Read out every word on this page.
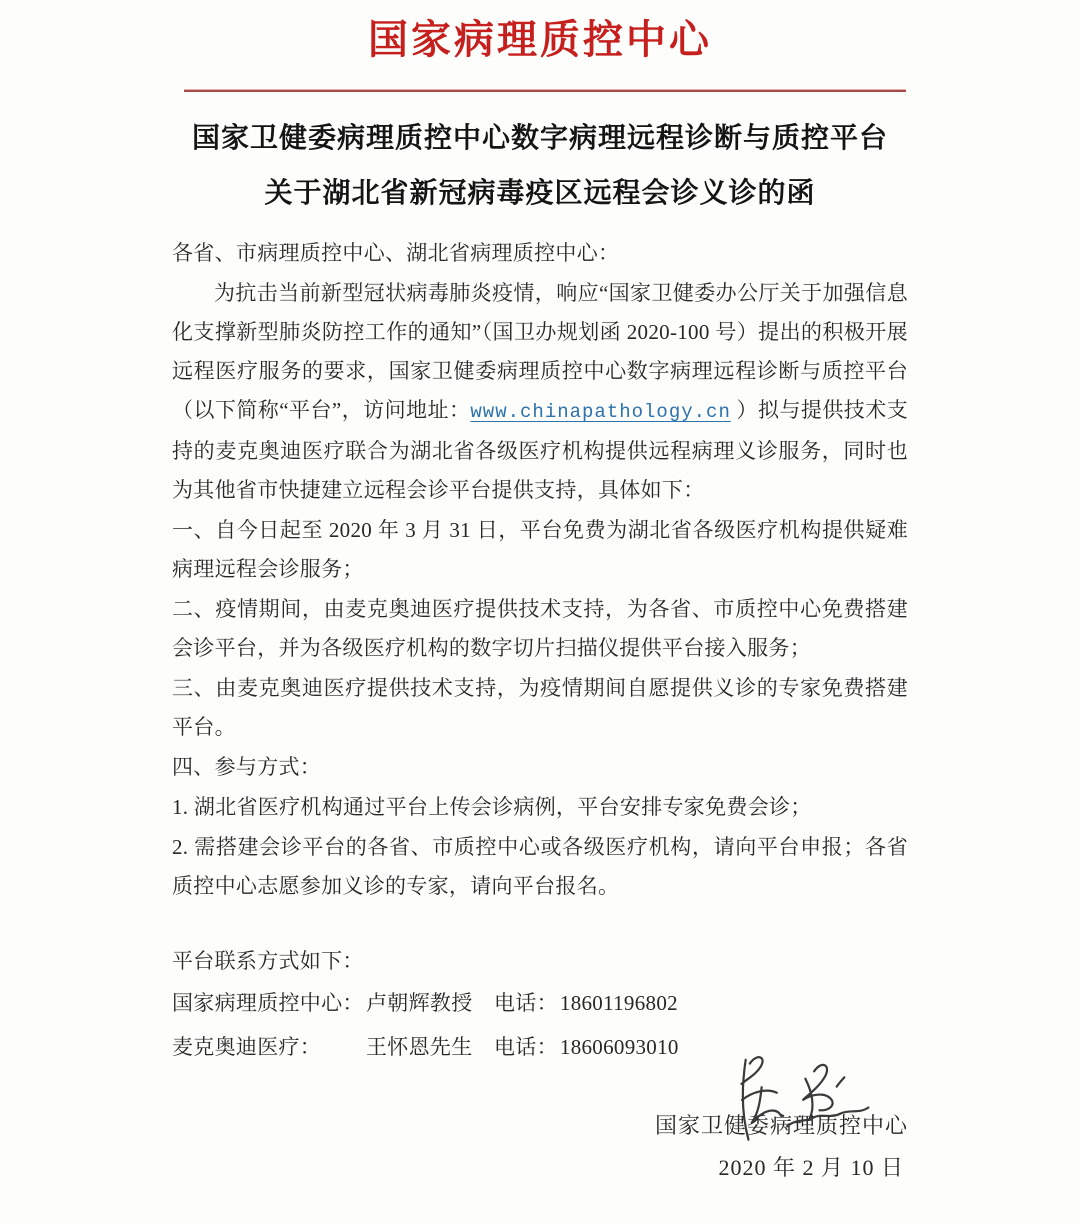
国家病理质控中心
国家卫健委病理质控中心数字病理远程诊断与质控平台
关于湖北省新冠病毒疫区远程会诊义诊的函

各省、市病理质控中心、湖北省病理质控中心：

为抗击当前新型冠状病毒肺炎疫情，响应“国家卫健委办公厅关于加强信息化支撑新型肺炎防控工作的通知”（国卫办规划函 2020-100 号）提出的积极开展远程医疗服务的要求，国家卫健委病理质控中心数字病理远程诊断与质控平台（以下简称“平台”，访问地址：www.chinapathology.cn ）拟与提供技术支持的麦克奥迪医疗联合为湖北省各级医疗机构提供远程病理义诊服务，同时也为其他省市快捷建立远程会诊平台提供支持，具体如下：

一、自今日起至 2020 年 3 月 31 日，平台免费为湖北省各级医疗机构提供疑难病理远程会诊服务；

二、疫情期间，由麦克奥迪医疗提供技术支持，为各省、市质控中心免费搭建会诊平台，并为各级医疗机构的数字切片扫描仪提供平台接入服务；

三、由麦克奥迪医疗提供技术支持，为疫情期间自愿提供义诊的专家免费搭建平台。

四、参与方式：

1. 湖北省医疗机构通过平台上传会诊病例，平台安排专家免费会诊；

2. 需搭建会诊平台的各省、市质控中心或各级医疗机构，请向平台申报；各省质控中心志愿参加义诊的专家，请向平台报名。

平台联系方式如下：

国家病理质控中心： 卢朝辉教授	电话： 18601196802
麦克奥迪医疗：	王怀恩先生	电话： 18606093010

国家卫健委病理质控中心

2020 年 2 月 10 日
